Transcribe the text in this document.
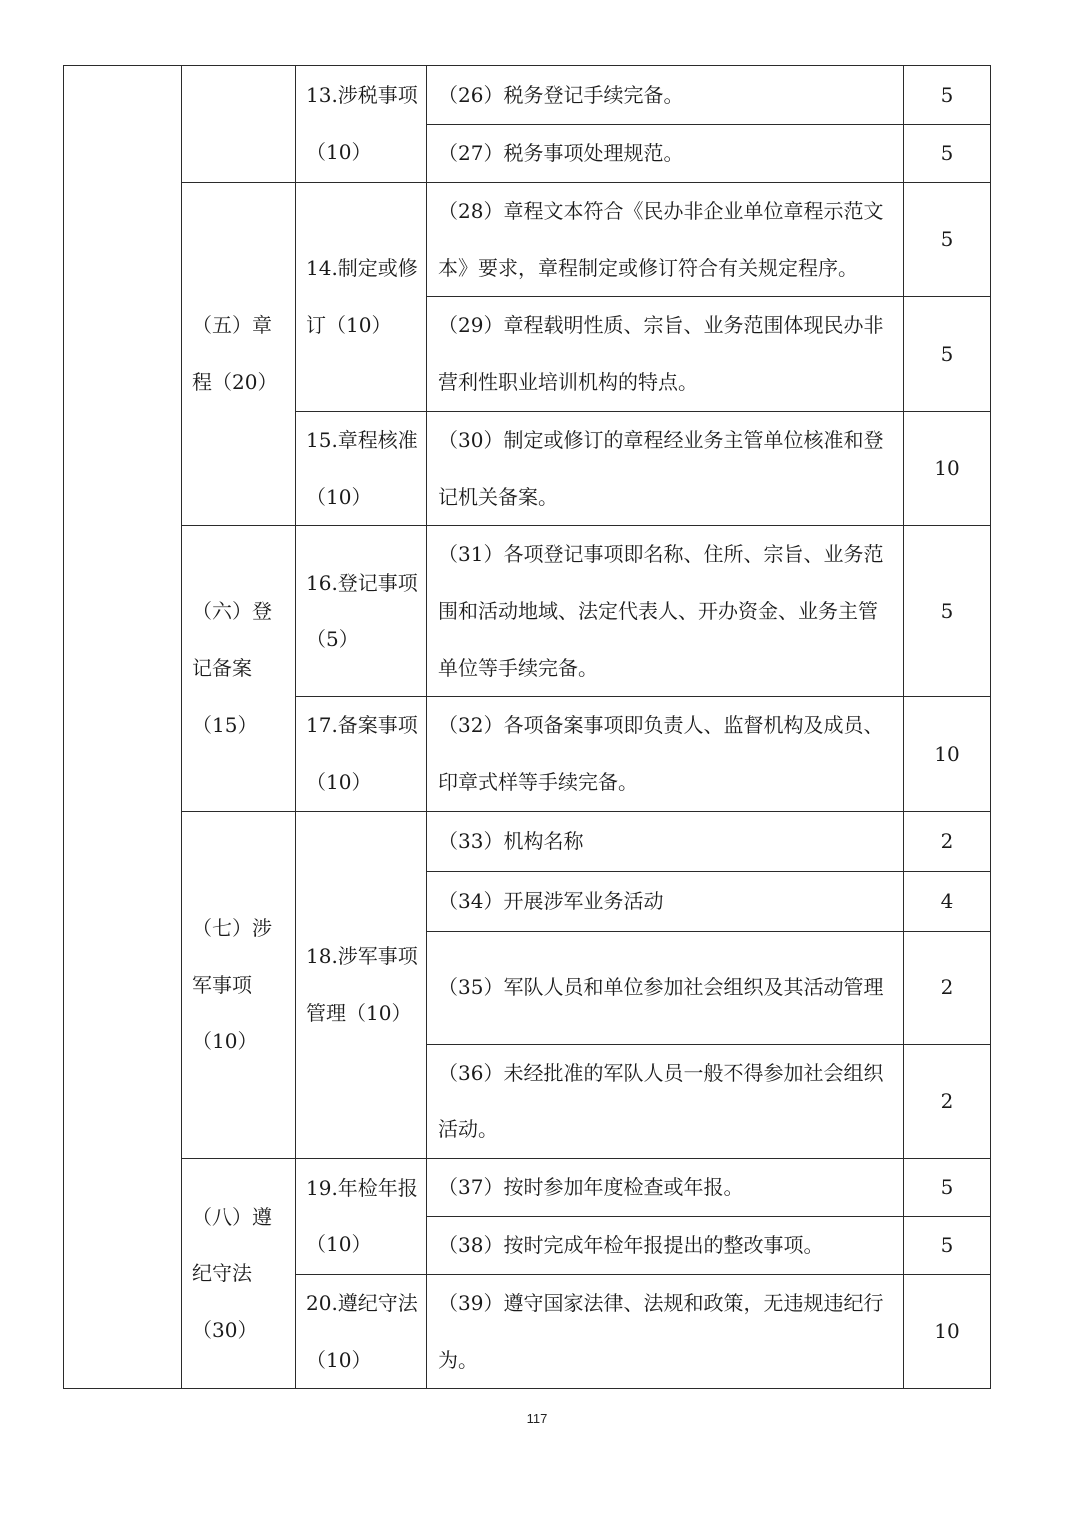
		13.涉税事项（10）	（26）税务登记手续完备。	5
			（27）税务事项处理规范。	5
	（五）章程（20）	14.制定或修订（10）	（28）章程文本符合《民办非企业单位章程示范文本》要求，章程制定或修订符合有关规定程序。	5
			（29）章程载明性质、宗旨、业务范围体现民办非营利性职业培训机构的特点。	5
		15.章程核准（10）	（30）制定或修订的章程经业务主管单位核准和登记机关备案。	10
	（六）登记备案（15）	16.登记事项（5）	（31）各项登记事项即名称、住所、宗旨、业务范围和活动地域、法定代表人、开办资金、业务主管单位等手续完备。	5
		17.备案事项（10）	（32）各项备案事项即负责人、监督机构及成员、印章式样等手续完备。	10
	（七）涉军事项（10）	18.涉军事项管理（10）	（33）机构名称	2
			（34）开展涉军业务活动	4
			（35）军队人员和单位参加社会组织及其活动管理	2
			（36）未经批准的军队人员一般不得参加社会组织活动。	2
	（八）遵纪守法（30）	19.年检年报（10）	（37）按时参加年度检查或年报。	5
			（38）按时完成年检年报提出的整改事项。	5
		20.遵纪守法（10）	（39）遵守国家法律、法规和政策，无违规违纪行为。	10
117
